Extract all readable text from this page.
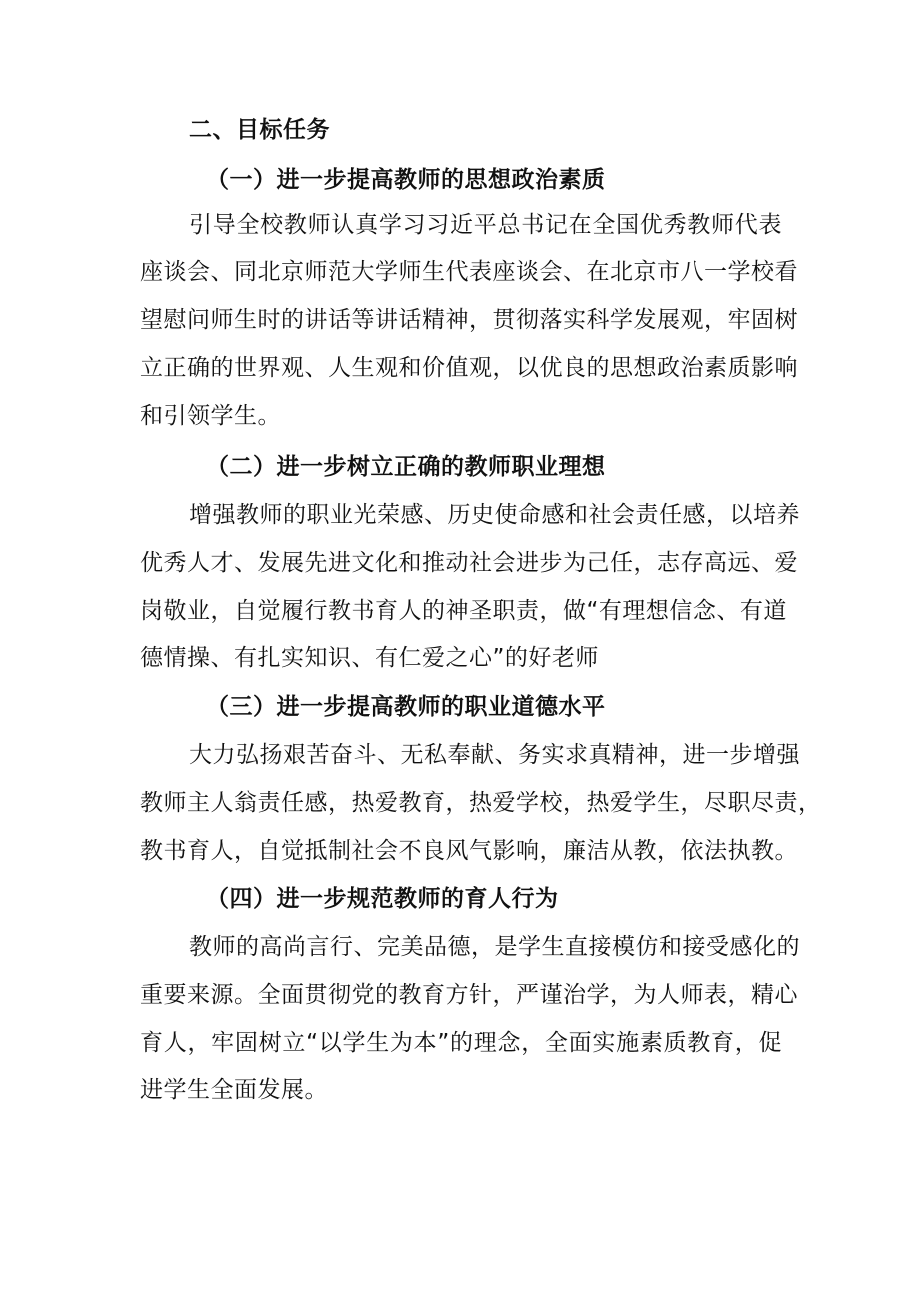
二、目标任务
（一）进一步提高教师的思想政治素质
引导全校教师认真学习习近平总书记在全国优秀教师代表
座谈会、同北京师范大学师生代表座谈会、在北京市八一学校看
望慰问师生时的讲话等讲话精神，贯彻落实科学发展观，牢固树
立正确的世界观、人生观和价值观，以优良的思想政治素质影响
和引领学生。
（二）进一步树立正确的教师职业理想
增强教师的职业光荣感、历史使命感和社会责任感，以培养
优秀人才、发展先进文化和推动社会进步为己任，志存高远、爱
岗敬业，自觉履行教书育人的神圣职责，做“有理想信念、有道
德情操、有扎实知识、有仁爱之心”的好老师
（三）进一步提高教师的职业道德水平
大力弘扬艰苦奋斗、无私奉献、务实求真精神，进一步增强
教师主人翁责任感，热爱教育，热爱学校，热爱学生，尽职尽责，
教书育人，自觉抵制社会不良风气影响，廉洁从教，依法执教。
（四）进一步规范教师的育人行为
教师的高尚言行、完美品德，是学生直接模仿和接受感化的
重要来源。全面贯彻党的教育方针，严谨治学，为人师表，精心
育人，牢固树立“以学生为本”的理念，全面实施素质教育，促
进学生全面发展。
